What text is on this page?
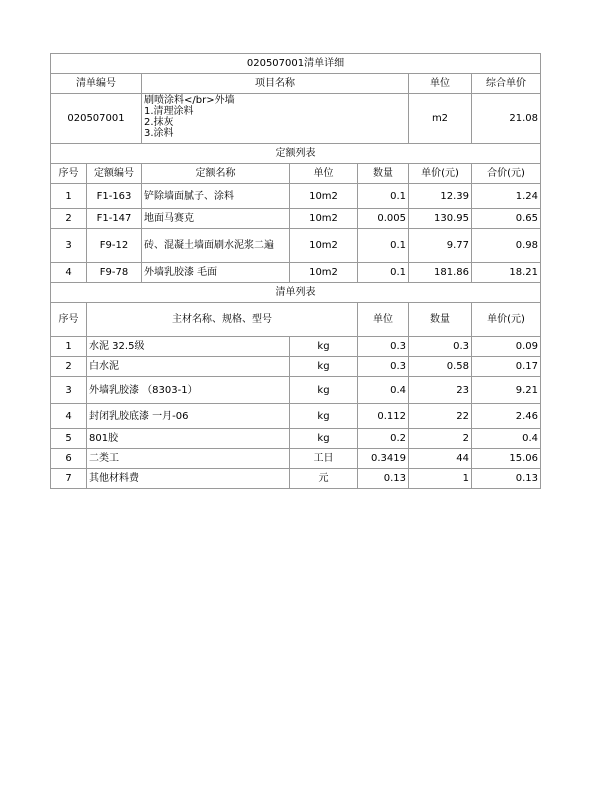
020507001清单详细							
清单编号		项目名称			单位	综合单价	
020507001		刷喷涂料</br>外墙
1.清理涂料
2.抹灰
3.涂料			m2	21.08	
定额列表							
序号	定额编号	定额名称	单位	数量	单价(元)	合价(元)	
1	F1-163	铲除墙面腻子、涂料	10m2	0.1	12.39	1.24	
2	F1-147	地面马赛克	10m2	0.005	130.95	0.65	
3	F9-12	砖、混凝土墙面刷水泥浆二遍	10m2	0.1	9.77	0.98	
4	F9-78	外墙乳胶漆 毛面	10m2	0.1	181.86	18.21	
清单列表							
序号	主材名称、规格、型号			单位	数量	单价(元)	
1	水泥 32.5级	kg	0.3	0.3	0.09
2	白水泥	kg	0.3	0.58	0.17
3	外墙乳胶漆 （8303-1）	kg	0.4	23	9.21
4	封闭乳胶底漆 一月-06	kg	0.112	22	2.46
5	801胶	kg	0.2	2	0.4
6	二类工	工日	0.3419	44	15.06
7	其他材料费	元	0.13	1	0.13
